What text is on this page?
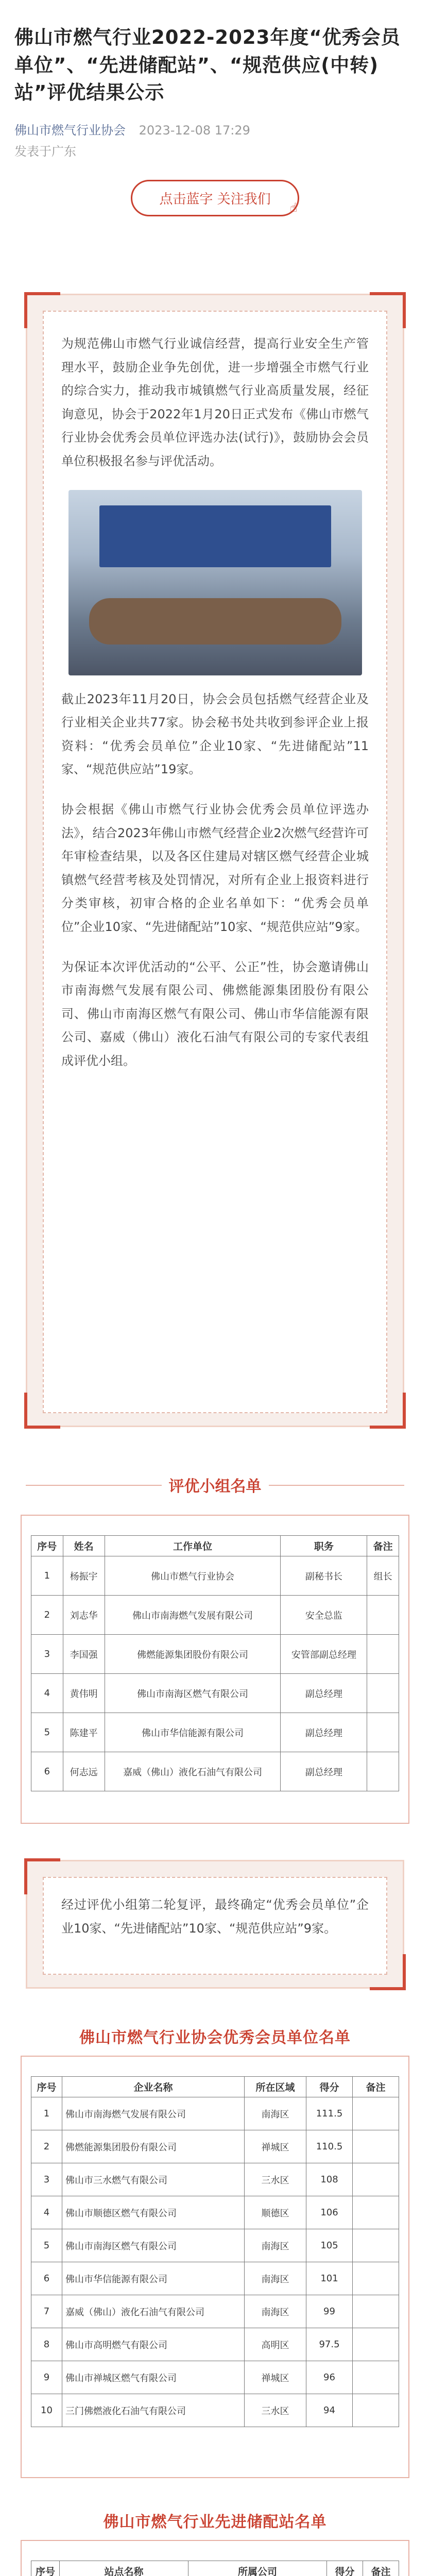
佛山市燃气行业2022-2023年度“优秀会员单位”、“先进储配站”、“规范供应(中转)站”评优结果公示
佛山市燃气行业协会 2023-12-08 17:29
发表于广东
点击蓝字 关注我们
☝

为规范佛山市燃气行业诚信经营，提高行业安全生产管理水平，鼓励企业争先创优，进一步增强全市燃气行业的综合实力，推动我市城镇燃气行业高质量发展，经征询意见，协会于2022年1月20日正式发布《佛山市燃气行业协会优秀会员单位评选办法(试行)》，鼓励协会会员单位积极报名参与评优活动。

截止2023年11月20日，协会会员包括燃气经营企业及行业相关企业共77家。协会秘书处共收到参评企业上报资料：“优秀会员单位”企业10家、“先进储配站”11家、“规范供应站”19家。

协会根据《佛山市燃气行业协会优秀会员单位评选办法》，结合2023年佛山市燃气经营企业2次燃气经营许可年审检查结果，以及各区住建局对辖区燃气经营企业城镇燃气经营考核及处罚情况，对所有企业上报资料进行分类审核，初审合格的企业名单如下：“优秀会员单位”企业10家、“先进储配站”10家、“规范供应站”9家。

为保证本次评优活动的“公平、公正”性，协会邀请佛山市南海燃气发展有限公司、佛燃能源集团股份有限公司、佛山市南海区燃气有限公司、佛山市华信能源有限公司、嘉威（佛山）液化石油气有限公司的专家代表组成评优小组。

评优小组名单
序号	姓名	工作单位	职务	备注
1	杨振宇	佛山市燃气行业协会	副秘书长	组长
2	刘志华	佛山市南海燃气发展有限公司	安全总监	
3	李国强	佛燃能源集团股份有限公司	安管部副总经理	
4	黄伟明	佛山市南海区燃气有限公司	副总经理	
5	陈建平	佛山市华信能源有限公司	副总经理	
6	何志远	嘉威（佛山）液化石油气有限公司	副总经理	

经过评优小组第二轮复评，最终确定“优秀会员单位”企业10家、“先进储配站”10家、“规范供应站”9家。

佛山市燃气行业协会优秀会员单位名单
序号	企业名称	所在区域	得分	备注
1	佛山市南海燃气发展有限公司	南海区	111.5	
2	佛燃能源集团股份有限公司	禅城区	110.5	
3	佛山市三水燃气有限公司	三水区	108	
4	佛山市顺德区燃气有限公司	顺德区	106	
5	佛山市南海区燃气有限公司	南海区	105	
6	佛山市华信能源有限公司	南海区	101	
7	嘉威（佛山）液化石油气有限公司	南海区	99	
8	佛山市高明燃气有限公司	高明区	97.5	
9	佛山市禅城区燃气有限公司	禅城区	96	
10	三门佛燃液化石油气有限公司	三水区	94	
佛山市燃气行业先进储配站名单
序号	站点名称	所属公司	得分	备注
